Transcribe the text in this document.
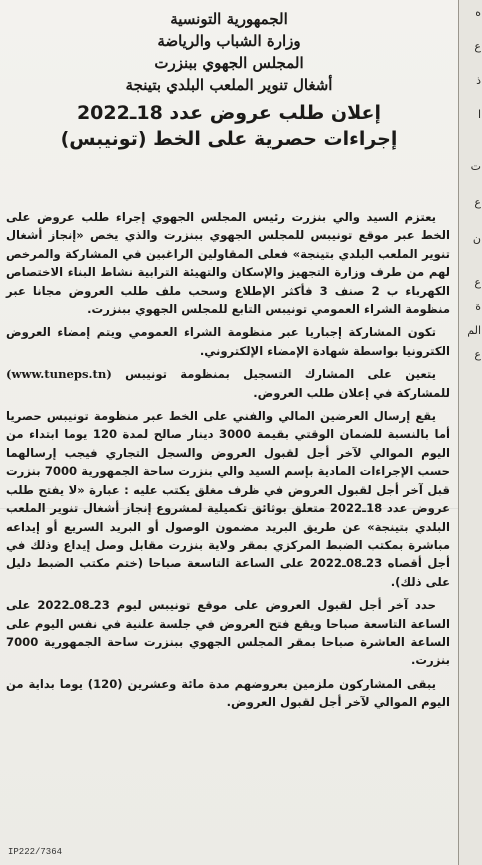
الجمهورية التونسية
وزارة الشباب والرياضة
المجلس الجهوي ببنزرت
أشغال تنوير الملعب البلدي بتينجة
إعلان طلب عروض عدد 18ـ2022
إجراءات حصرية على الخط (تونيبس)

يعتزم السيد والي بنزرت رئيس المجلس الجهوي إجراء طلب عروض على الخط عبر موقع تونيبس للمجلس الجهوي ببنزرت والذي يخص «إنجاز أشغال تنوير الملعب البلدي بتينجة» فعلى المقاولين الراغبين في المشاركة والمرخص لهم من طرف وزارة التجهيز والإسكان والتهيئة الترابية نشاط البناء الاختصاص الكهرباء ب 2 صنف 3 فأكثر الإطلاع وسحب ملف طلب العروض مجانا عبر منظومة الشراء العمومي تونيبس التابع للمجلس الجهوي ببنزرت.

تكون المشاركة إجباريا عبر منظومة الشراء العمومي ويتم إمضاء العروض الكترونيا بواسطة شهادة الإمضاء الإلكتروني.

يتعين على المشارك التسجيل بمنظومة تونيبس (www.tuneps.tn) للمشاركة في إعلان طلب العروض.

يقع إرسال العرضين المالي والفني على الخط عبر منظومة تونيبس حصريا أما بالنسبة للضمان الوقتي بقيمة 3000 دينار صالح لمدة 120 يوما ابتداء من اليوم الموالي لآخر أجل لقبول العروض والسجل التجاري فيجب إرسالهما حسب الإجراءات المادية بإسم السيد والي بنزرت ساحة الجمهورية 7000 بنزرت قبل آخر أجل لقبول العروض في ظرف مغلق يكتب عليه : عبارة «لا يفتح طلب عروض عدد 18ـ2022 متعلق بوثائق تكميلية لمشروع إنجاز أشغال تنوير الملعب البلدي بتينجة» عن طريق البريد مضمون الوصول أو البريد السريع أو إيداعه مباشرة بمكتب الضبط المركزي بمقر ولاية بنزرت مقابل وصل إيداع وذلك في أجل أقصاه 23ـ08ـ2022 على الساعة التاسعة صباحا (ختم مكتب الضبط دليل على ذلك).

حدد آخر أجل لقبول العروض على موقع تونيبس ليوم 23ـ08ـ2022 على الساعة التاسعة صباحا ويقع فتح العروض في جلسة علنية في نفس اليوم على الساعة العاشرة صباحا بمقر المجلس الجهوي ببنزرت ساحة الجمهورية 7000 بنزرت.

يبقى المشاركون ملزمين بعروضهم مدة مائة وعشرين (120) يوما بداية من اليوم الموالي لآخر أجل لقبول العروض.

IP222/7364
ه
ع
ذ
ا
ت
ع
ن
ع
ة
الم
ع
